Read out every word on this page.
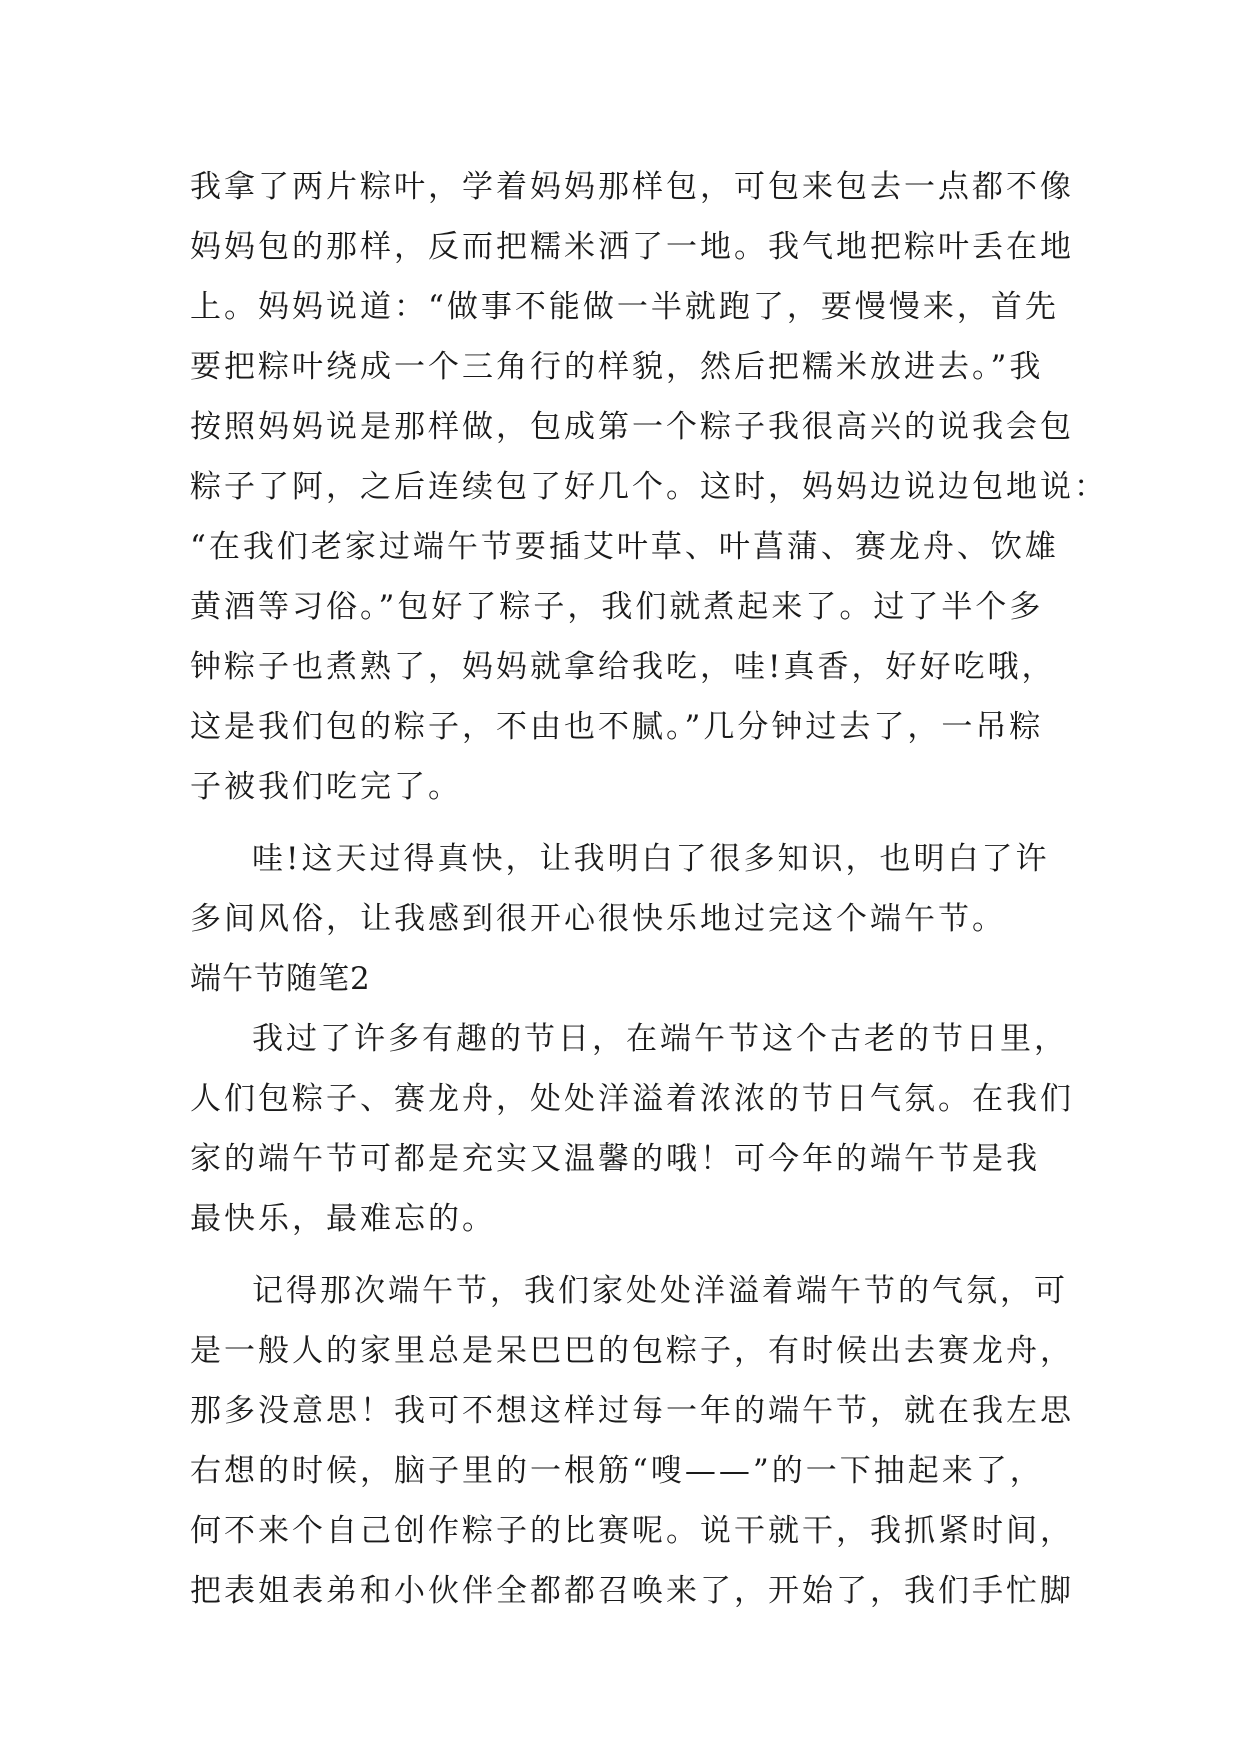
我拿了两片粽叶，学着妈妈那样包，可包来包去一点都不像
妈妈包的那样，反而把糯米洒了一地。我气地把粽叶丢在地
上。妈妈说道：“做事不能做一半就跑了，要慢慢来，首先
要把粽叶绕成一个三角行的样貌，然后把糯米放进去。”我
按照妈妈说是那样做，包成第一个粽子我很高兴的说我会包
粽子了阿，之后连续包了好几个。这时，妈妈边说边包地说：
“在我们老家过端午节要插艾叶草、叶菖蒲、赛龙舟、饮雄
黄酒等习俗。”包好了粽子，我们就煮起来了。过了半个多
钟粽子也煮熟了，妈妈就拿给我吃，哇!真香，好好吃哦，
这是我们包的粽子，不由也不腻。”几分钟过去了，一吊粽
子被我们吃完了。
哇!这天过得真快，让我明白了很多知识，也明白了许
多间风俗，让我感到很开心很快乐地过完这个端午节。
端午节随笔2
我过了许多有趣的节日，在端午节这个古老的节日里，
人们包粽子、赛龙舟，处处洋溢着浓浓的节日气氛。在我们
家的端午节可都是充实又温馨的哦！可今年的端午节是我
最快乐，最难忘的。
记得那次端午节，我们家处处洋溢着端午节的气氛，可
是一般人的家里总是呆巴巴的包粽子，有时候出去赛龙舟，
那多没意思！我可不想这样过每一年的端午节，就在我左思
右想的时候，脑子里的一根筋“嗖——”的一下抽起来了，
何不来个自己创作粽子的比赛呢。说干就干，我抓紧时间，
把表姐表弟和小伙伴全都都召唤来了，开始了，我们手忙脚
